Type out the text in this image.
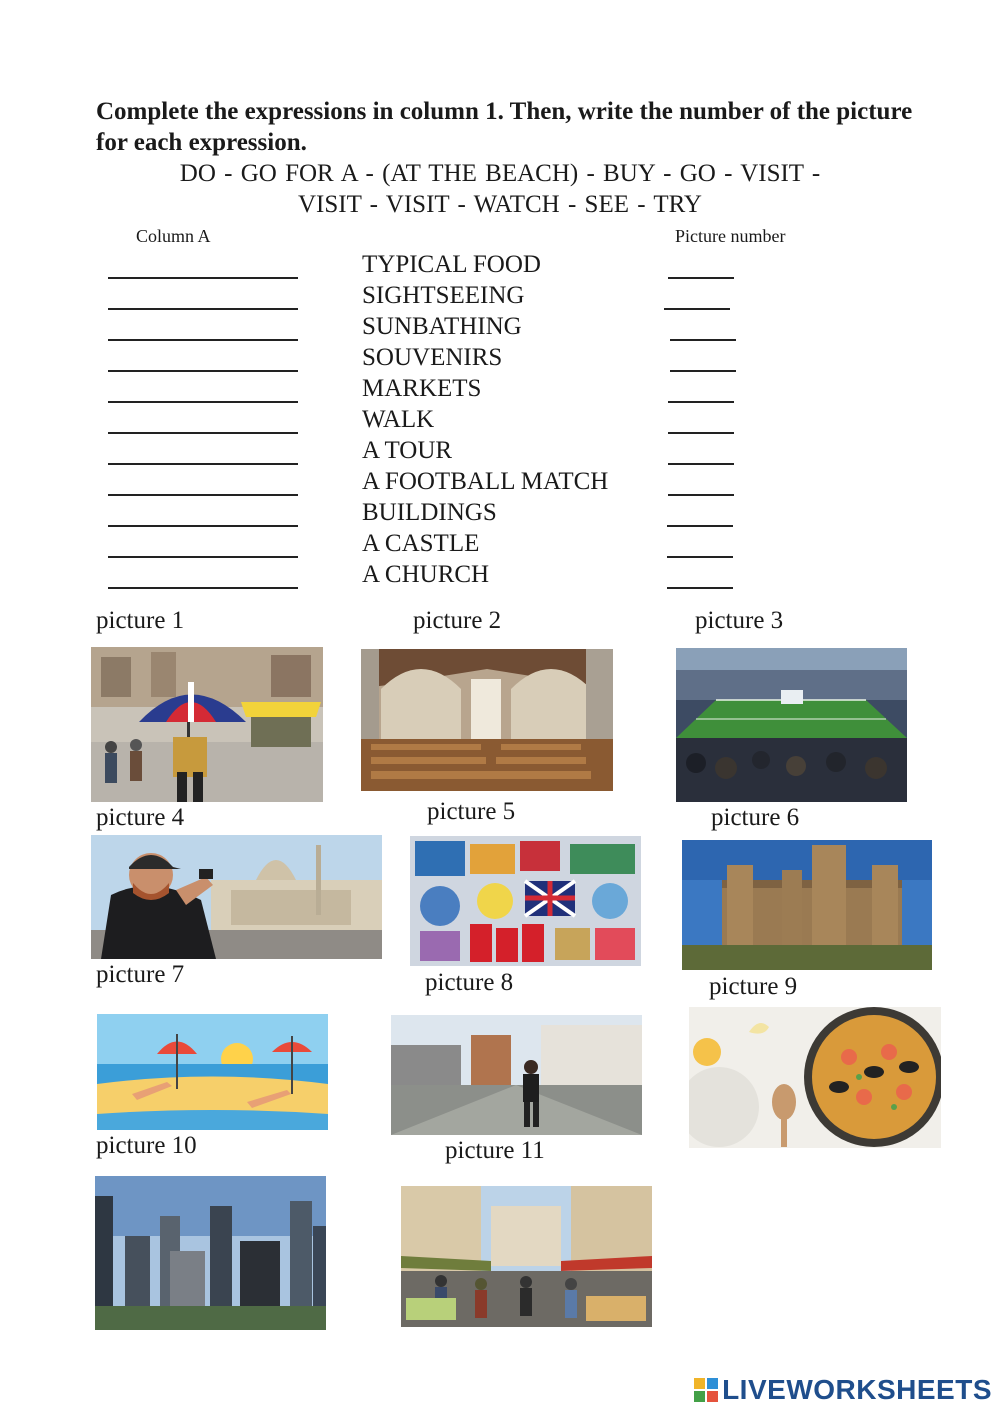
Complete the expressions in column 1. Then, write the number of the picture for each expression.
DO - GO FOR A - (AT THE BEACH) - BUY - GO - VISIT -
VISIT - VISIT - WATCH - SEE - TRY
Column A	Picture number
TYPICAL FOOD
SIGHTSEEING
SUNBATHING
SOUVENIRS
MARKETS
WALK
A TOUR
A FOOTBALL MATCH
BUILDINGS
A CASTLE
A CHURCH
picture 1	picture 2	picture 3
picture 4	picture 5	picture 6
picture 7	picture 8	picture 9
picture 10	picture 11
LIVEWORKSHEETS
